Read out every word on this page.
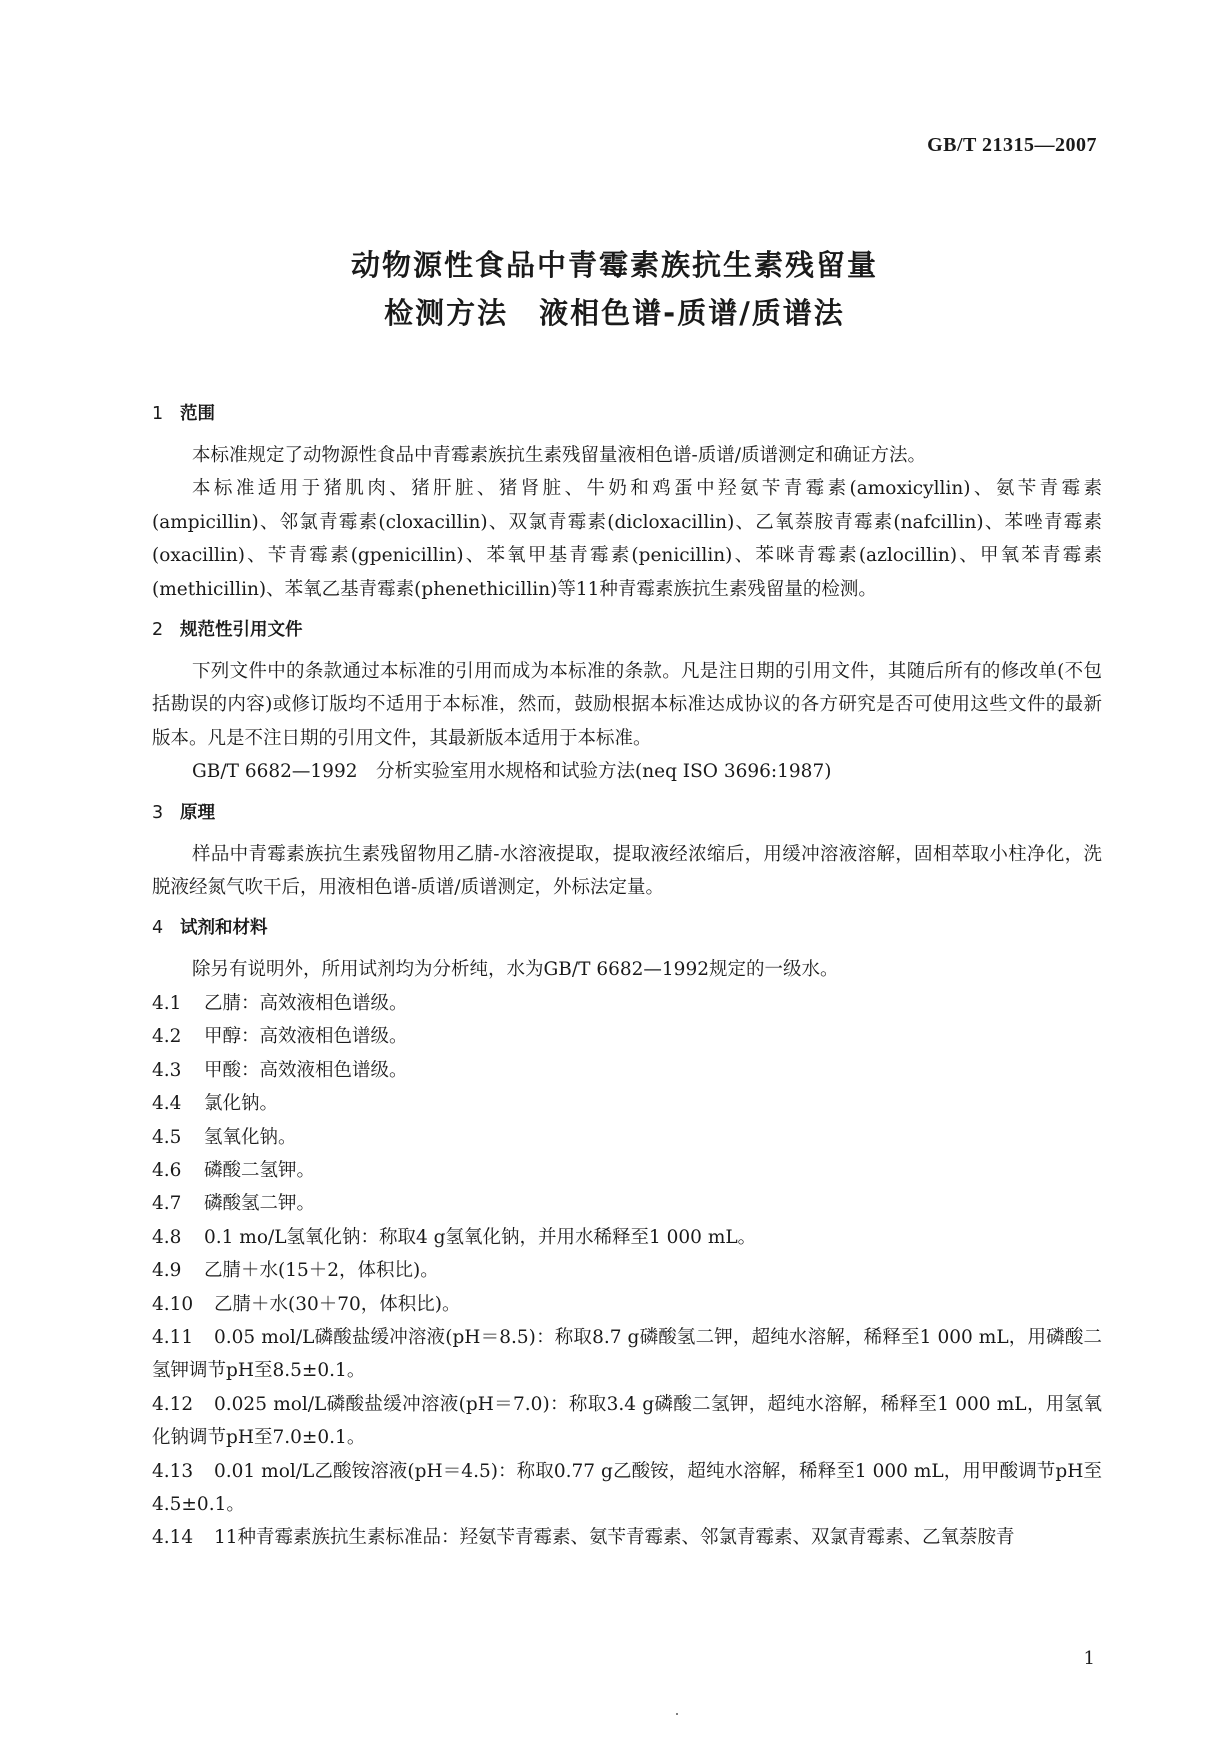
GB/T 21315—2007
动物源性食品中青霉素族抗生素残留量
检测方法　液相色谱-质谱/质谱法

1 范围

本标准规定了动物源性食品中青霉素族抗生素残留量液相色谱-质谱/质谱测定和确证方法。

本标准适用于猪肌肉、猪肝脏、猪肾脏、牛奶和鸡蛋中羟氨苄青霉素(amoxicyllin)、氨苄青霉素(ampicillin)、邻氯青霉素(cloxacillin)、双氯青霉素(dicloxacillin)、乙氧萘胺青霉素(nafcillin)、苯唑青霉素(oxacillin)、苄青霉素(gpenicillin)、苯氧甲基青霉素(penicillin)、苯咪青霉素(azlocillin)、甲氧苯青霉素(methicillin)、苯氧乙基青霉素(phenethicillin)等11种青霉素族抗生素残留量的检测。

2 规范性引用文件

下列文件中的条款通过本标准的引用而成为本标准的条款。凡是注日期的引用文件，其随后所有的修改单(不包括勘误的内容)或修订版均不适用于本标准，然而，鼓励根据本标准达成协议的各方研究是否可使用这些文件的最新版本。凡是不注日期的引用文件，其最新版本适用于本标准。

GB/T 6682—1992　分析实验室用水规格和试验方法(neq ISO 3696:1987)

3 原理

样品中青霉素族抗生素残留物用乙腈-水溶液提取，提取液经浓缩后，用缓冲溶液溶解，固相萃取小柱净化，洗脱液经氮气吹干后，用液相色谱-质谱/质谱测定，外标法定量。

4 试剂和材料

除另有说明外，所用试剂均为分析纯，水为GB/T 6682—1992规定的一级水。

4.1 乙腈：高效液相色谱级。

4.2 甲醇：高效液相色谱级。

4.3 甲酸：高效液相色谱级。

4.4 氯化钠。

4.5 氢氧化钠。

4.6 磷酸二氢钾。

4.7 磷酸氢二钾。

4.8 0.1 mo/L氢氧化钠：称取4 g氢氧化钠，并用水稀释至1 000 mL。

4.9 乙腈＋水(15＋2，体积比)。

4.10 乙腈＋水(30＋70，体积比)。

4.11 0.05 mol/L磷酸盐缓冲溶液(pH＝8.5)：称取8.7 g磷酸氢二钾，超纯水溶解，稀释至1 000 mL，用磷酸二氢钾调节pH至8.5±0.1。

4.12 0.025 mol/L磷酸盐缓冲溶液(pH＝7.0)：称取3.4 g磷酸二氢钾，超纯水溶解，稀释至1 000 mL，用氢氧化钠调节pH至7.0±0.1。

4.13 0.01 mol/L乙酸铵溶液(pH＝4.5)：称取0.77 g乙酸铵，超纯水溶解，稀释至1 000 mL，用甲酸调节pH至4.5±0.1。

4.14 11种青霉素族抗生素标准品：羟氨苄青霉素、氨苄青霉素、邻氯青霉素、双氯青霉素、乙氧萘胺青

1
